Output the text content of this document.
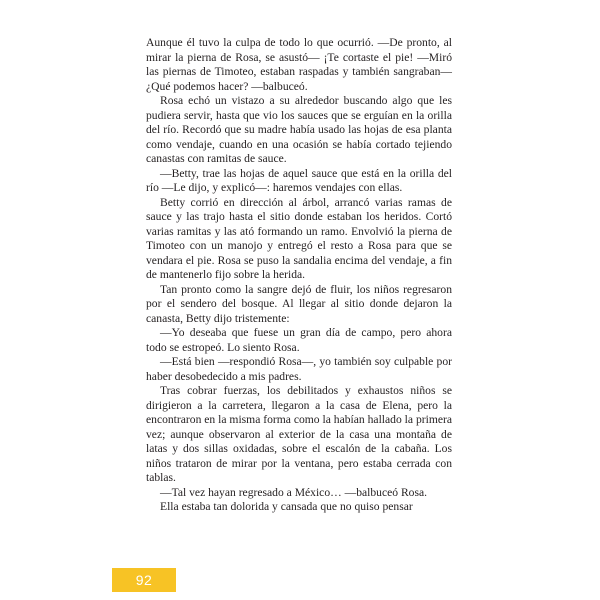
Aunque él tuvo la culpa de todo lo que ocurrió. —De pronto, al mirar la pierna de Rosa, se asustó— ¡Te cortaste el pie! —Miró las piernas de Timoteo, estaban raspadas y también sangraban—¿Qué podemos hacer? —balbuceó.

Rosa echó un vistazo a su alrededor buscando algo que les pudiera servir, hasta que vio los sauces que se erguían en la orilla del río. Recordó que su madre había usado las hojas de esa planta como vendaje, cuando en una ocasión se había cortado tejiendo canastas con ramitas de sauce.

—Betty, trae las hojas de aquel sauce que está en la orilla del río —Le dijo, y explicó—: haremos vendajes con ellas.

Betty corrió en dirección al árbol, arrancó varias ramas de sauce y las trajo hasta el sitio donde estaban los heridos. Cortó varias ramitas y las ató formando un ramo. Envolvió la pierna de Timoteo con un manojo y entregó el resto a Rosa para que se vendara el pie. Rosa se puso la sandalia encima del vendaje, a fin de mantenerlo fijo sobre la herida.

Tan pronto como la sangre dejó de fluir, los niños regresaron por el sendero del bosque. Al llegar al sitio donde dejaron la canasta, Betty dijo tristemente:

—Yo deseaba que fuese un gran día de campo, pero ahora todo se estropeó. Lo siento Rosa.

—Está bien —respondió Rosa—, yo también soy culpable por haber desobedecido a mis padres.

Tras cobrar fuerzas, los debilitados y exhaustos niños se dirigieron a la carretera, llegaron a la casa de Elena, pero la encontraron en la misma forma como la habían hallado la primera vez; aunque observaron al exterior de la casa una montaña de latas y dos sillas oxidadas, sobre el escalón de la cabaña. Los niños trataron de mirar por la ventana, pero estaba cerrada con tablas.

—Tal vez hayan regresado a México… —balbuceó Rosa.

Ella estaba tan dolorida y cansada que no quiso pensar

92
